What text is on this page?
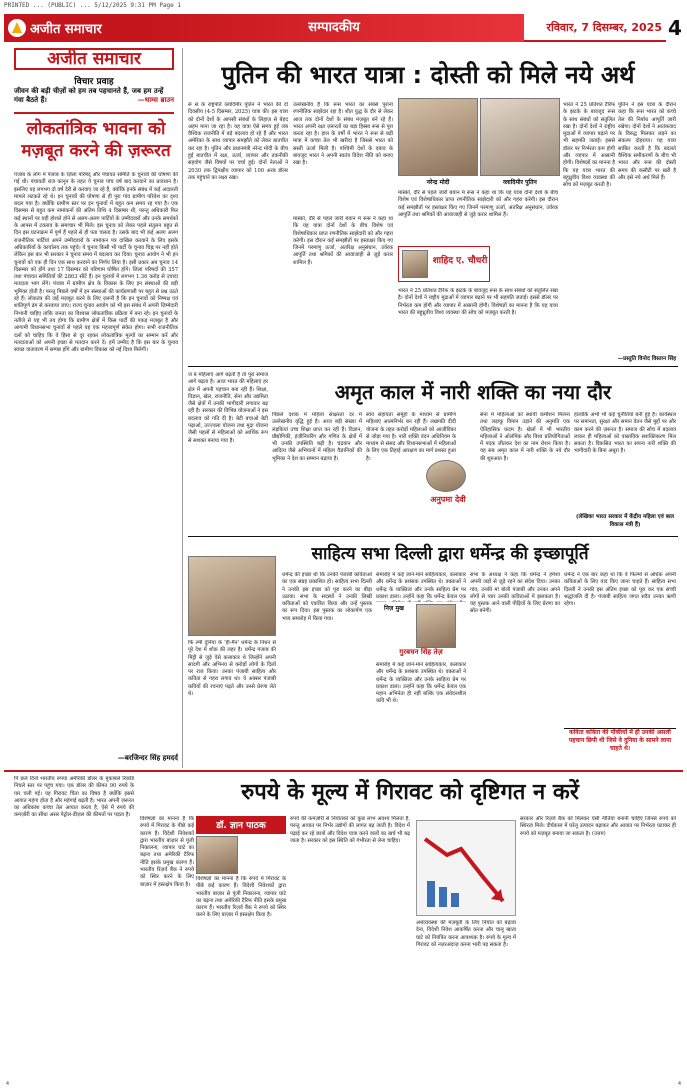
PRINTED ... (PUBLIC) ... 5/12/2025 9:31 PM Page 1
अजीत समाचार	सम्पादकीय	रविवार, 7 दिसम्बर, 2025 4
अजीत समाचार
विचार प्रवाह
जीवन की बड़ी चीज़ों को हम तब पहचानते हैं, जब हम उन्हें गंवा बैठते हैं।	—थाम्स ब्राउन
लोकतांत्रिक भावना को मज़बूत करने की ज़रूरत
पंजाब के लोग में पंजाब के ज़िला परिषद् और पंचायत समिति के चुनावों की घोषणा की गई थी। पंचायती राज कानून के तहत ये चुनाव पांच वर्ष बाद करवाने का प्रावधान है। इसलिए यह लगभग दो वर्ष देरी से करवाए जा रहे हैं, क्योंकि इनके संबंध में कई अदालती मामले लटकते रहे थे। इन चुनावों की घोषणा से ही पूरा गांव ग्रामीण परिवेश का दृश्य बदल गया है। क्योंकि ग्रामीण स्तर पर इन चुनावों में बहुत कम समय रह गया है। एक दिसम्बर से बहुत कम नामांकनों की अंतिम तिथि 4 दिसम्बर थी, परन्तु अधिकारी फिर कई स्थानों पर यही होशले होने से अलग-अलग पार्टियों के उम्मीदवारों और उनके समर्थकों के आपस में टकराव के समाचार भी मिले। इस चुनाव को लेकर पहले संतुलन बहुत से दिन इस घटनाक्रम में पूर्ण हैं पहले से ही पता चलता है। उसके बाद भी कई अलग अलग राजनीतिक पार्टियां अपने उम्मीदवारों के नामांकन पत्र दाखिल करवाने के लिए इसके अधिकारियों के कार्यालय तक पहुंचे। ये चुनाव किसी भी पार्टी के चुनाव चिह्न पर नहीं होते लेकिन इस बार भी सरकार ने चुनाव समय में बदलाव कर दिया। चुनाव आयोग ने भी इन चुनावों को एक ही दिन एक साथ करवाने का निर्णय लिया है। इसी प्रकार अब चुनाव 14 दिसम्बर को होंगे तथा 17 दिसम्बर को परिणाम घोषित होंगे। जिला परिषदों की 357 तथा पंचायत समितियों की 2863 सीटें हैं। इन चुनावों में लगभग 1.36 करोड़ से ज़्यादा मतदाता भाग लेंगे। पंजाब में ग्रामीण क्षेत्र के विकास के लिए इन संस्थाओं की बड़ी भूमिका होती है। परन्तु पिछले वर्षों में इन संस्थाओं की कार्यप्रणाली पर बहुत से प्रश्न उठते रहे हैं। लोकतंत्र की जड़ें मज़बूत करने के लिए ज़रूरी है कि इन चुनावों को निष्पक्ष एवं शांतिपूर्ण ढंग से करवाया जाए। राज्य चुनाव आयोग को भी इस संबंध में अपनी ज़िम्मेदारी निभानी चाहिए ताकि जनता का विश्वास लोकतांत्रिक प्रक्रिया में बना रहे। इन चुनावों के नतीजे से यह भी तय होगा कि ग्रामीण क्षेत्रों में किस पार्टी की पकड़ मज़बूत है और आगामी विधानसभा चुनावों से पहले यह एक महत्त्वपूर्ण संकेत होगा। सभी राजनीतिक दलों को चाहिए कि वे हिंसा से दूर रहकर लोकतांत्रिक मूल्यों का सम्मान करें और मतदाताओं को अपनी इच्छा से मतदान करने दें। हमें उम्मीद है कि इस बार के चुनाव स्वच्छ वातावरण में सम्पन्न होंगे और ग्रामीण विकास को नई दिशा मिलेगी।
—बरजिन्दर सिंह हमदर्द
पुतिन की भारत यात्रा : दोस्ती को मिले नये अर्थ
रू स के राष्ट्रपति व्लादिमीर पुतिन ने भारत की दो दिवसीय (4-5 दिसम्बर, 2025) यात्रा की। इस यात्रा को दोनों देशों के आपसी संबंधों के लिहाज़ से बेहद अहम माना जा रहा है। यह यात्रा ऐसे समय हुई जब वैश्विक राजनीति में बड़े बदलाव हो रहे हैं और भारत अमेरिका के साथ व्यापार समझौते को लेकर बातचीत कर रहा है। पुतिन और प्रधानमंत्री नरेन्द्र मोदी के बीच हुई बातचीत में रक्षा, ऊर्जा, व्यापार और तकनीकी सहयोग जैसे विषयों पर चर्चा हुई। दोनों नेताओं ने 2030 तक द्विपक्षीय व्यापार को 100 अरब डॉलर तक पहुंचाने का लक्ष्य रखा।
उल्लेखनीय है कि रूस भारत का सबसे पुराना रणनीतिक साझेदार रहा है। शीत युद्ध के दौर से लेकर आज तक दोनों देशों के संबंध मज़बूत बने रहे हैं। भारत अपनी रक्षा ज़रूरतों का बड़ा हिस्सा रूस से पूरा करता रहा है। हाल के वर्षों में भारत ने रूस से बड़ी मात्रा में कच्चा तेल भी खरीदा है जिससे भारत को सस्ती ऊर्जा मिली है। पश्चिमी देशों के दबाव के बावजूद भारत ने अपनी स्वतंत्र विदेश नीति को बनाए रखा है।
नरेन्द्र मोदी	व्लादिमीर पुतिन
मास्को, दौरे से पहले जारी बयान में रूस ने कहा था कि यह यात्रा दोनों देशों के बीच विशेष एवं विशेषाधिकार प्राप्त रणनीतिक साझेदारी को और गहरा करेगी। इस दौरान कई समझौतों पर हस्ताक्षर किए गए जिनमें परमाणु ऊर्जा, अंतरिक्ष अनुसंधान, उर्वरक आपूर्ति तथा श्रमिकों की आवाजाही से जुड़े करार शामिल हैं।
शाहिद ए. चौधरी
मास्को, दौरे से पहले जारी बयान में रूस ने कहा था कि यह यात्रा दोनों देशों के बीच विशेष एवं विशेषाधिकार प्राप्त रणनीतिक साझेदारी को और गहरा करेगी। इस दौरान कई समझौतों पर हस्ताक्षर किए गए जिनमें परमाणु ऊर्जा, अंतरिक्ष अनुसंधान, उर्वरक आपूर्ति तथा श्रमिकों की आवाजाही से जुड़े करार शामिल हैं।
भारत ने 25 प्रतिशत टैरिफ के झटके के बावजूद रूस के साथ संबंधों को संतुलित रखा है। दोनों देशों ने राष्ट्रीय मुद्राओं में व्यापार बढ़ाने पर भी सहमति जताई। इससे डॉलर पर निर्भरता कम होगी और व्यापार में आसानी होगी। विशेषज्ञों का मानना है कि यह यात्रा भारत की बहुध्रुवीय विश्व व्यवस्था की सोच को मज़बूत करती है।
भारत ने 25 प्रतिशत टैरिफ के झटके के बावजूद रूस के साथ संबंधों को संतुलित रखा है। दोनों देशों ने राष्ट्रीय मुद्राओं में व्यापार बढ़ाने पर भी सहमति जताई। इससे डॉलर पर निर्भरता कम होगी और व्यापार में आसानी होगी। विशेषज्ञों का मानना है कि यह यात्रा भारत की बहुध्रुवीय विश्व व्यवस्था की सोच को मज़बूत करती है।
पुतिन ने इस यात्रा के दौरान कहा कि रूस भारत को कच्चे तेल की निर्बाध आपूर्ति जारी रखेगा। दोनों देशों ने आतंकवाद के विरुद्ध मिलकर लड़ने का संकल्प दोहराया। यह यात्रा साबित करती है कि बदलते वैश्विक समीकरणों के बीच भी भारत और रूस की दोस्ती समय की कसौटी पर खरी है और इसे नये अर्थ मिले हैं।
—प्रस्तुति विनोद विस्तान सिंह
अमृत काल में नारी शक्ति का नया दौर
ज ब महिलाएं आगे बढ़ती हैं तो पूरा समाज आगे बढ़ता है। आज भारत की महिलाएं हर क्षेत्र में अपनी पहचान बना रही हैं। शिक्षा, विज्ञान, खेल, राजनीति, सेना और उद्यमिता जैसे क्षेत्रों में उनकी भागीदारी लगातार बढ़ रही है। सरकार की विभिन्न योजनाओं ने इस बदलाव को गति दी है। बेटी बचाओ बेटी पढ़ाओ, उज्ज्वला योजना तथा मुद्रा योजना जैसी पहलों से महिलाओं को आर्थिक रूप से सशक्त बनाया गया है।
पिछले दशक में महिला साक्षरता दर में उल्लेखनीय वृद्धि हुई है। आज बड़ी संख्या में लड़कियां उच्च शिक्षा प्राप्त कर रही हैं। विज्ञान, प्रौद्योगिकी, इंजीनियरिंग और गणित के क्षेत्रों में भी उनकी उपस्थिति बढ़ी है। चंद्रयान और आदित्य जैसे अभियानों में महिला वैज्ञानिकों की भूमिका ने देश का सम्मान बढ़ाया है।
स्वयं सहायता समूहों के माध्यम से ग्रामीण महिलाएं आत्मनिर्भर बन रही हैं। लखपति दीदी योजना के तहत करोड़ों महिलाओं को आजीविका से जोड़ा गया है। नारी शक्ति वंदन अधिनियम के माध्यम से संसद और विधानसभाओं में महिलाओं के लिए एक तिहाई आरक्षण का मार्ग प्रशस्त हुआ है।
अनुपमा देवी
सेना में महिलाओं को स्थायी कमीशन मिलना तथा लड़ाकू विमान उड़ाने की अनुमति एक ऐतिहासिक कदम है। खेलों में भी भारतीय महिलाओं ने ओलंपिक और विश्व प्रतियोगिताओं में पदक जीतकर देश का नाम रोशन किया है। यह सब अमृत काल में नारी शक्ति के नये दौर की शुरुआत है।
हालांकि अभी भी कई चुनौतियां बनी हुई हैं। कार्यस्थल पर समानता, सुरक्षा और समान वेतन जैसे मुद्दों पर और काम करने की ज़रूरत है। समाज की सोच में बदलाव लाकर ही महिलाओं को वास्तविक सशक्तिकरण मिल सकता है। विकसित भारत का सपना नारी शक्ति की भागीदारी के बिना अधूरा है।
(लेखिका भारत सरकार में केंद्रीय महिला एवं बाल विकास मंत्री हैं)
साहित्य सभा दिल्ली द्वारा धर्मेन्द्र की इच्छापूर्ति
फि ल्मी दुनिया के 'ही-मैन' धर्मेन्द्र के निधन से पूरे देश में शोक की लहर है। धर्मेन्द्र पंजाब की मिट्टी से जुड़े ऐसे कलाकार थे जिन्होंने अपनी सादगी और अभिनय से करोड़ों लोगों के दिलों पर राज किया। उनका पंजाबी साहित्य और कविता से गहरा लगाव था। वे अक्सर पंजाबी कवियों की रचनाएं पढ़ते और उनसे प्रेरणा लेते थे।
धर्मेन्द्र की इच्छा थी कि उनकी पंजाबी कविताओं का एक संग्रह प्रकाशित हो। साहित्य सभा दिल्ली ने उनकी इस इच्छा को पूरा करने का बीड़ा उठाया। सभा के सदस्यों ने उनकी लिखी कविताओं को एकत्रित किया और उन्हें पुस्तक का रूप दिया। इस पुस्तक का लोकार्पण एक भव्य समारोह में किया गया।
समारोह में कई जाने-माने साहित्यकार, कलाकार और धर्मेन्द्र के प्रशंसक उपस्थित थे। वक्ताओं ने धर्मेन्द्र के व्यक्तित्व और उनके साहित्य प्रेम पर प्रकाश डाला। उन्होंने कहा कि धर्मेन्द्र केवल एक
निज़ मुख
गुरबचन सिंह तेज़
समारोह में कई जाने-माने साहित्यकार, कलाकार और धर्मेन्द्र के प्रशंसक उपस्थित थे। वक्ताओं ने धर्मेन्द्र के व्यक्तित्व और उनके साहित्य प्रेम पर प्रकाश डाला। उन्होंने कहा कि धर्मेन्द्र केवल एक महान अभिनेता ही नहीं बल्कि एक संवेदनशील कवि भी थे।
सभा के अध्यक्ष ने कहा कि धर्मेन्द्र ने हमेशा अपनी जड़ों से जुड़े रहने का संदेश दिया। उनका गांव, उनकी मां बोली पंजाबी और उनका अपने लोगों से प्यार उनकी कविताओं में झलकता है। यह पुस्तक आने वाली पीढ़ियों के लिए प्रेरणा का स्रोत बनेगी।
धर्मेन्द्र ने एक बार कहा था कि वे फिल्मों से अधिक अपनी कविताओं के लिए याद किए जाना चाहते हैं। साहित्य सभा दिल्ली ने उनकी इस अंतिम इच्छा को पूरा कर एक सच्ची श्रद्धांजलि दी है। पंजाबी साहित्य जगत सदैव उनका ऋणी रहेगा।
कविता कविता की पंक्तियों में ही उनकी असली पहचान छिपी थी जिसे वे दुनिया के सामने लाना चाहते थे।
रुपये के मूल्य में गिरावट को दृष्टिगत न करें
पि छले दिनों भारतीय रुपया अमेरिकी डॉलर के मुकाबले रिकॉर्ड निचले स्तर पर पहुंच गया। एक डॉलर की कीमत 90 रुपये के पार चली गई। यह गिरावट चिंता का विषय है क्योंकि इससे आयात महंगा होता है और महंगाई बढ़ती है। भारत अपनी ज़रूरत का अधिकांश कच्चा तेल आयात करता है, ऐसे में रुपये की कमज़ोरी का सीधा असर पेट्रोल-डीज़ल की कीमतों पर पड़ता है।
डॉ. ज्ञान पाठक
विशेषज्ञों का मानना है कि रुपये में गिरावट के पीछे कई कारण हैं। विदेशी निवेशकों द्वारा भारतीय बाज़ार से पूंजी निकालना, व्यापार घाटे का बढ़ना तथा अमेरिकी टैरिफ नीति इसके प्रमुख कारण हैं। भारतीय रिज़र्व बैंक ने रुपये को स्थिर करने के लिए बाज़ार में हस्तक्षेप किया है।
विशेषज्ञों का मानना है कि रुपये में गिरावट के पीछे कई कारण हैं। विदेशी निवेशकों द्वारा भारतीय बाज़ार से पूंजी निकालना, व्यापार घाटे का बढ़ना तथा अमेरिकी टैरिफ नीति इसके प्रमुख कारण हैं। भारतीय रिज़र्व बैंक ने रुपये को स्थिर करने के लिए बाज़ार में हस्तक्षेप किया है।
रुपये की कमज़ोरी से निर्यातकों को कुछ लाभ अवश्य मिलता है, परन्तु आयात पर निर्भर उद्योगों की लागत बढ़ जाती है। विदेश में पढ़ाई कर रहे छात्रों और विदेश यात्रा करने वालों का खर्च भी बढ़ जाता है। सरकार को इस स्थिति को गंभीरता से लेना चाहिए।
अर्थव्यवस्था की मज़बूती के लिए निर्यात को बढ़ावा देना, विदेशी निवेश आकर्षित करना और चालू खाता घाटे को नियंत्रित करना आवश्यक है। रुपये के मूल्य में गिरावट को नज़रअंदाज़ करना भारी पड़ सकता है।
सरकार और रिज़र्व बैंक को मिलकर ऐसी नीतियां बनानी चाहिएं जिनसे रुपये को स्थिरता मिले। दीर्घकाल में घरेलू उत्पादन बढ़ाकर और आयात पर निर्भरता घटाकर ही रुपये को मज़बूत बनाया जा सकता है। (उत्तम)
4	4
